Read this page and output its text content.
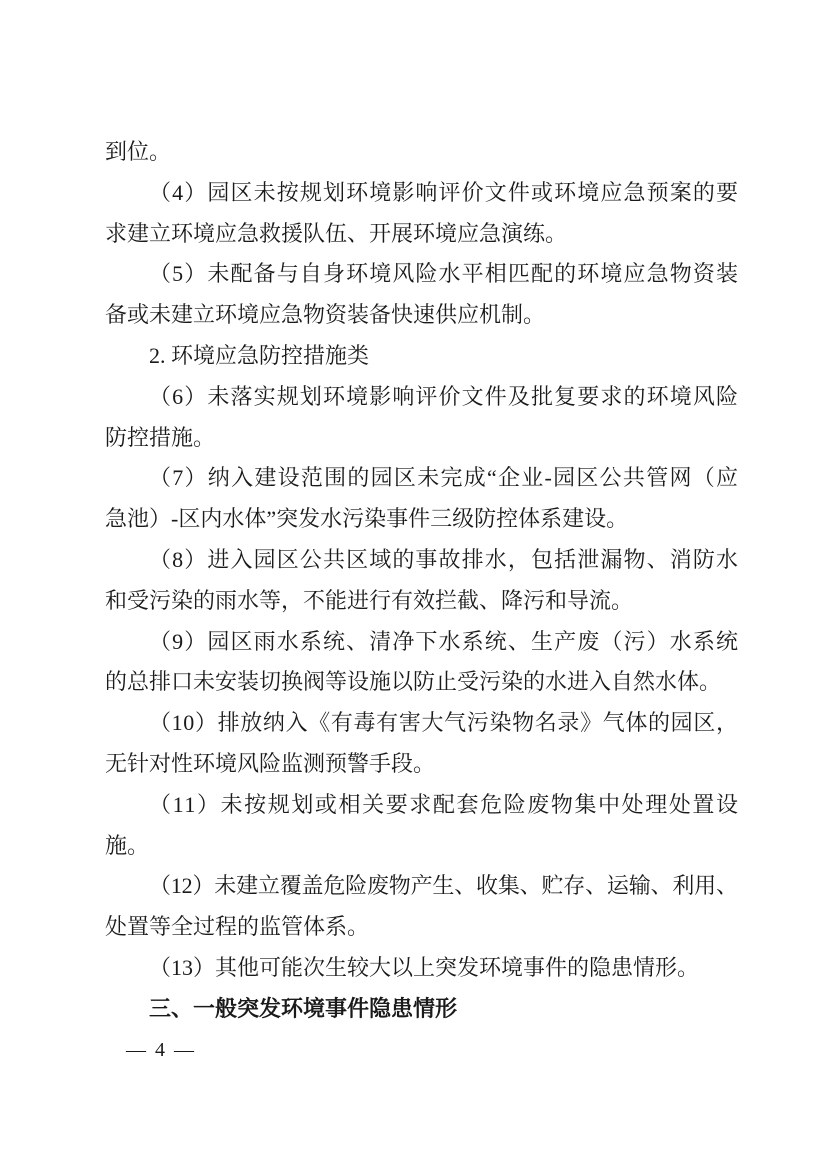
到位。
（4）园区未按规划环境影响评价文件或环境应急预案的要
求建立环境应急救援队伍、开展环境应急演练。
（5）未配备与自身环境风险水平相匹配的环境应急物资装
备或未建立环境应急物资装备快速供应机制。
2. 环境应急防控措施类
（6）未落实规划环境影响评价文件及批复要求的环境风险
防控措施。
（7）纳入建设范围的园区未完成“企业-园区公共管网（应
急池）-区内水体”突发水污染事件三级防控体系建设。
（8）进入园区公共区域的事故排水，包括泄漏物、消防水
和受污染的雨水等，不能进行有效拦截、降污和导流。
（9）园区雨水系统、清净下水系统、生产废（污）水系统
的总排口未安装切换阀等设施以防止受污染的水进入自然水体。
（10）排放纳入《有毒有害大气污染物名录》气体的园区，
无针对性环境风险监测预警手段。
（11）未按规划或相关要求配套危险废物集中处理处置设
施。
（12）未建立覆盖危险废物产生、收集、贮存、运输、利用、
处置等全过程的监管体系。
（13）其他可能次生较大以上突发环境事件的隐患情形。
三、一般突发环境事件隐患情形
— 4 —
